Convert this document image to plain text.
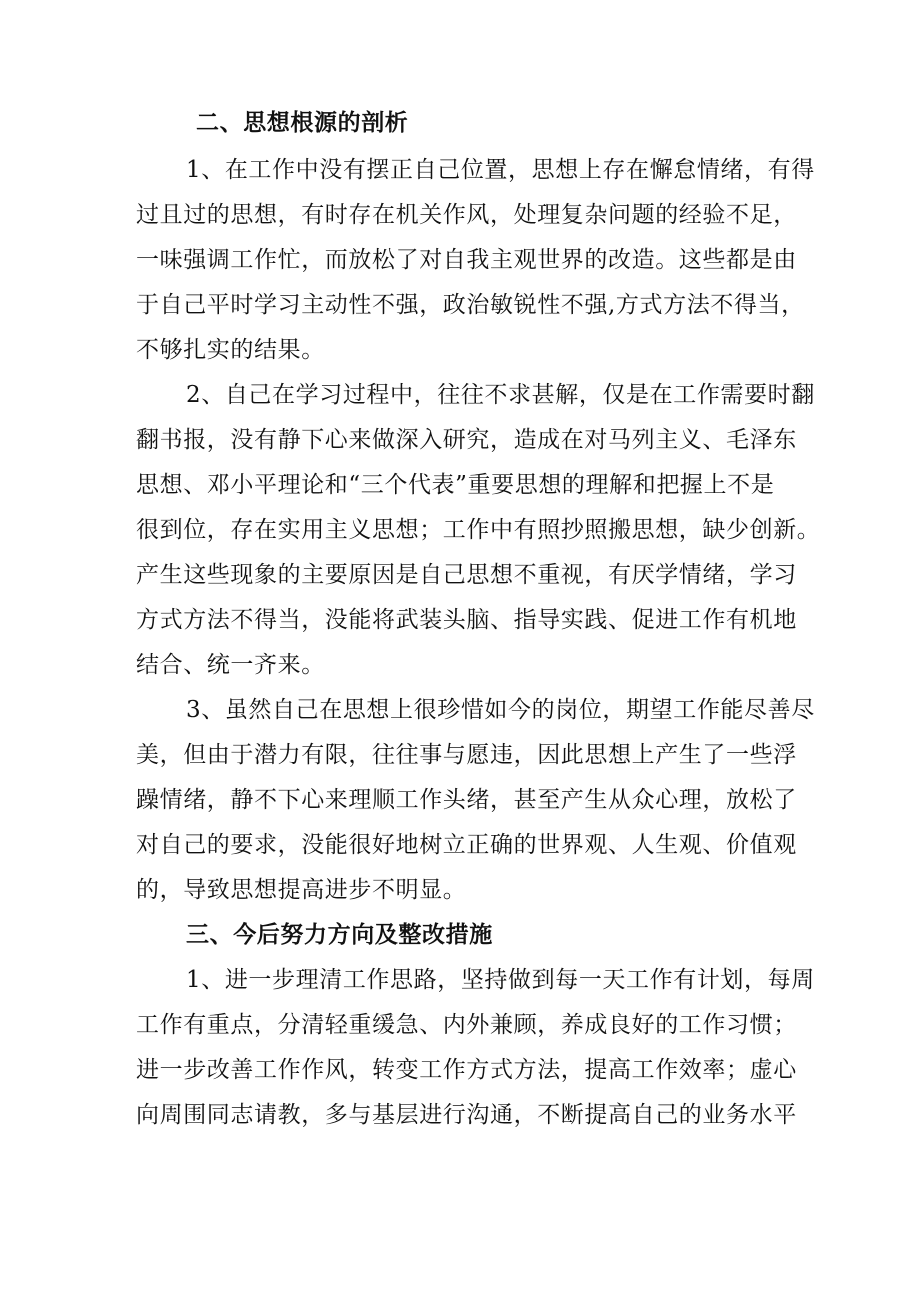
二、思想根源的剖析
1、在工作中没有摆正自己位置，思想上存在懈怠情绪，有得
过且过的思想，有时存在机关作风，处理复杂问题的经验不足，
一味强调工作忙，而放松了对自我主观世界的改造。这些都是由
于自己平时学习主动性不强，政治敏锐性不强,方式方法不得当，
不够扎实的结果。
2、自己在学习过程中，往往不求甚解，仅是在工作需要时翻
翻书报，没有静下心来做深入研究，造成在对马列主义、毛泽东
思想、邓小平理论和“三个代表”重要思想的理解和把握上不是
很到位，存在实用主义思想；工作中有照抄照搬思想，缺少创新。
产生这些现象的主要原因是自己思想不重视，有厌学情绪，学习
方式方法不得当，没能将武装头脑、指导实践、促进工作有机地
结合、统一齐来。
3、虽然自己在思想上很珍惜如今的岗位，期望工作能尽善尽
美，但由于潜力有限，往往事与愿违，因此思想上产生了一些浮
躁情绪，静不下心来理顺工作头绪，甚至产生从众心理，放松了
对自己的要求，没能很好地树立正确的世界观、人生观、价值观
的，导致思想提高进步不明显。
三、今后努力方向及整改措施
1、进一步理清工作思路，坚持做到每一天工作有计划，每周
工作有重点，分清轻重缓急、内外兼顾，养成良好的工作习惯；
进一步改善工作作风，转变工作方式方法，提高工作效率；虚心
向周围同志请教，多与基层进行沟通，不断提高自己的业务水平
